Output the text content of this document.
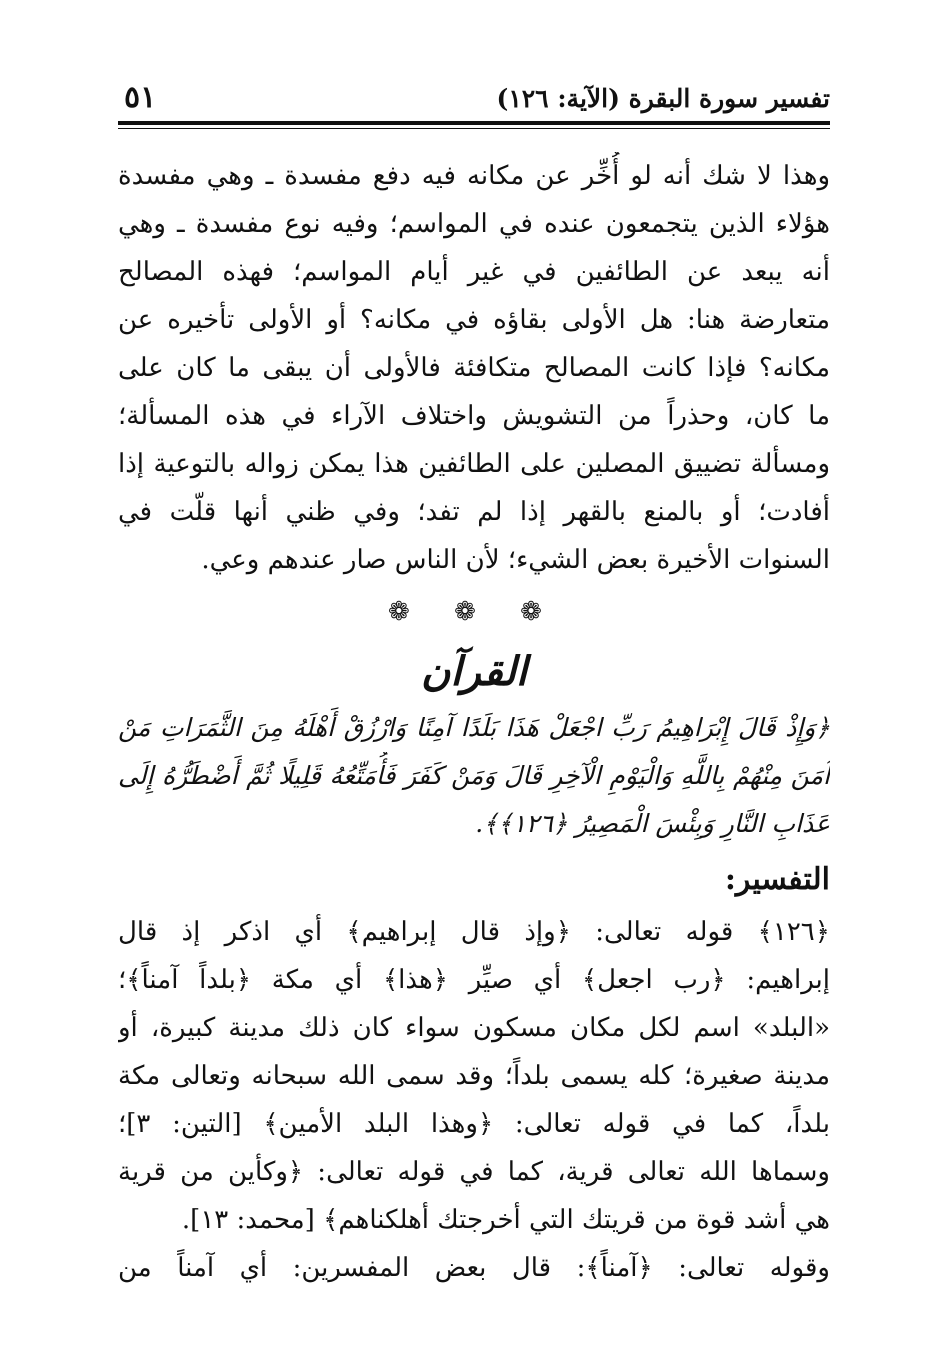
تفسير سورة البقرة (الآية: ١٢٦)
٥١
وهذا لا شك أنه لو أُخِّر عن مكانه فيه دفع مفسدة ـ وهي مفسدة
هؤلاء الذين يتجمعون عنده في المواسم؛ وفيه نوع مفسدة ـ وهي
أنه يبعد عن الطائفين في غير أيام المواسم؛ فهذه المصالح
متعارضة هنا: هل الأولى بقاؤه في مكانه؟ أو الأولى تأخيره عن
مكانه؟ فإذا كانت المصالح متكافئة فالأولى أن يبقى ما كان على
ما كان، وحذراً من التشويش واختلاف الآراء في هذه المسألة؛
ومسألة تضييق المصلين على الطائفين هذا يمكن زواله بالتوعية إذا
أفادت؛ أو بالمنع بالقهر إذا لم تفد؛ وفي ظني أنها قلّت في
السنوات الأخيرة بعض الشيء؛ لأن الناس صار عندهم وعي.
❁ ❁ ❁
القرآن
﴿وَإِذْ قَالَ إِبْرَاهِيمُ رَبِّ اجْعَلْ هَذَا بَلَدًا آمِنًا وَارْزُقْ أَهْلَهُ مِنَ الثَّمَرَاتِ مَنْ
آمَنَ مِنْهُمْ بِاللَّهِ وَالْيَوْمِ الْآخِرِ قَالَ وَمَنْ كَفَرَ فَأُمَتِّعُهُ قَلِيلًا ثُمَّ أَضْطَرُّهُ إِلَى
عَذَابِ النَّارِ وَبِئْسَ الْمَصِيرُ ﴿١٢٦﴾﴾.
التفسير:
﴿١٢٦﴾ قوله تعالى: ﴿وإذ قال إبراهيم﴾ أي اذكر إذ قال
إبراهيم: ﴿رب اجعل﴾ أي صيِّر ﴿هذا﴾ أي مكة ﴿بلداً آمناً﴾؛
«البلد» اسم لكل مكان مسكون سواء كان ذلك مدينة كبيرة، أو
مدينة صغيرة؛ كله يسمى بلداً؛ وقد سمى الله سبحانه وتعالى مكة
بلداً، كما في قوله تعالى: ﴿وهذا البلد الأمين﴾ [التين: ٣]؛
وسماها الله تعالى قرية، كما في قوله تعالى: ﴿وكأين من قرية
هي أشد قوة من قريتك التي أخرجتك أهلكناهم﴾ [محمد: ١٣].
وقوله تعالى: ﴿آمناً﴾: قال بعض المفسرين: أي آمناً من
